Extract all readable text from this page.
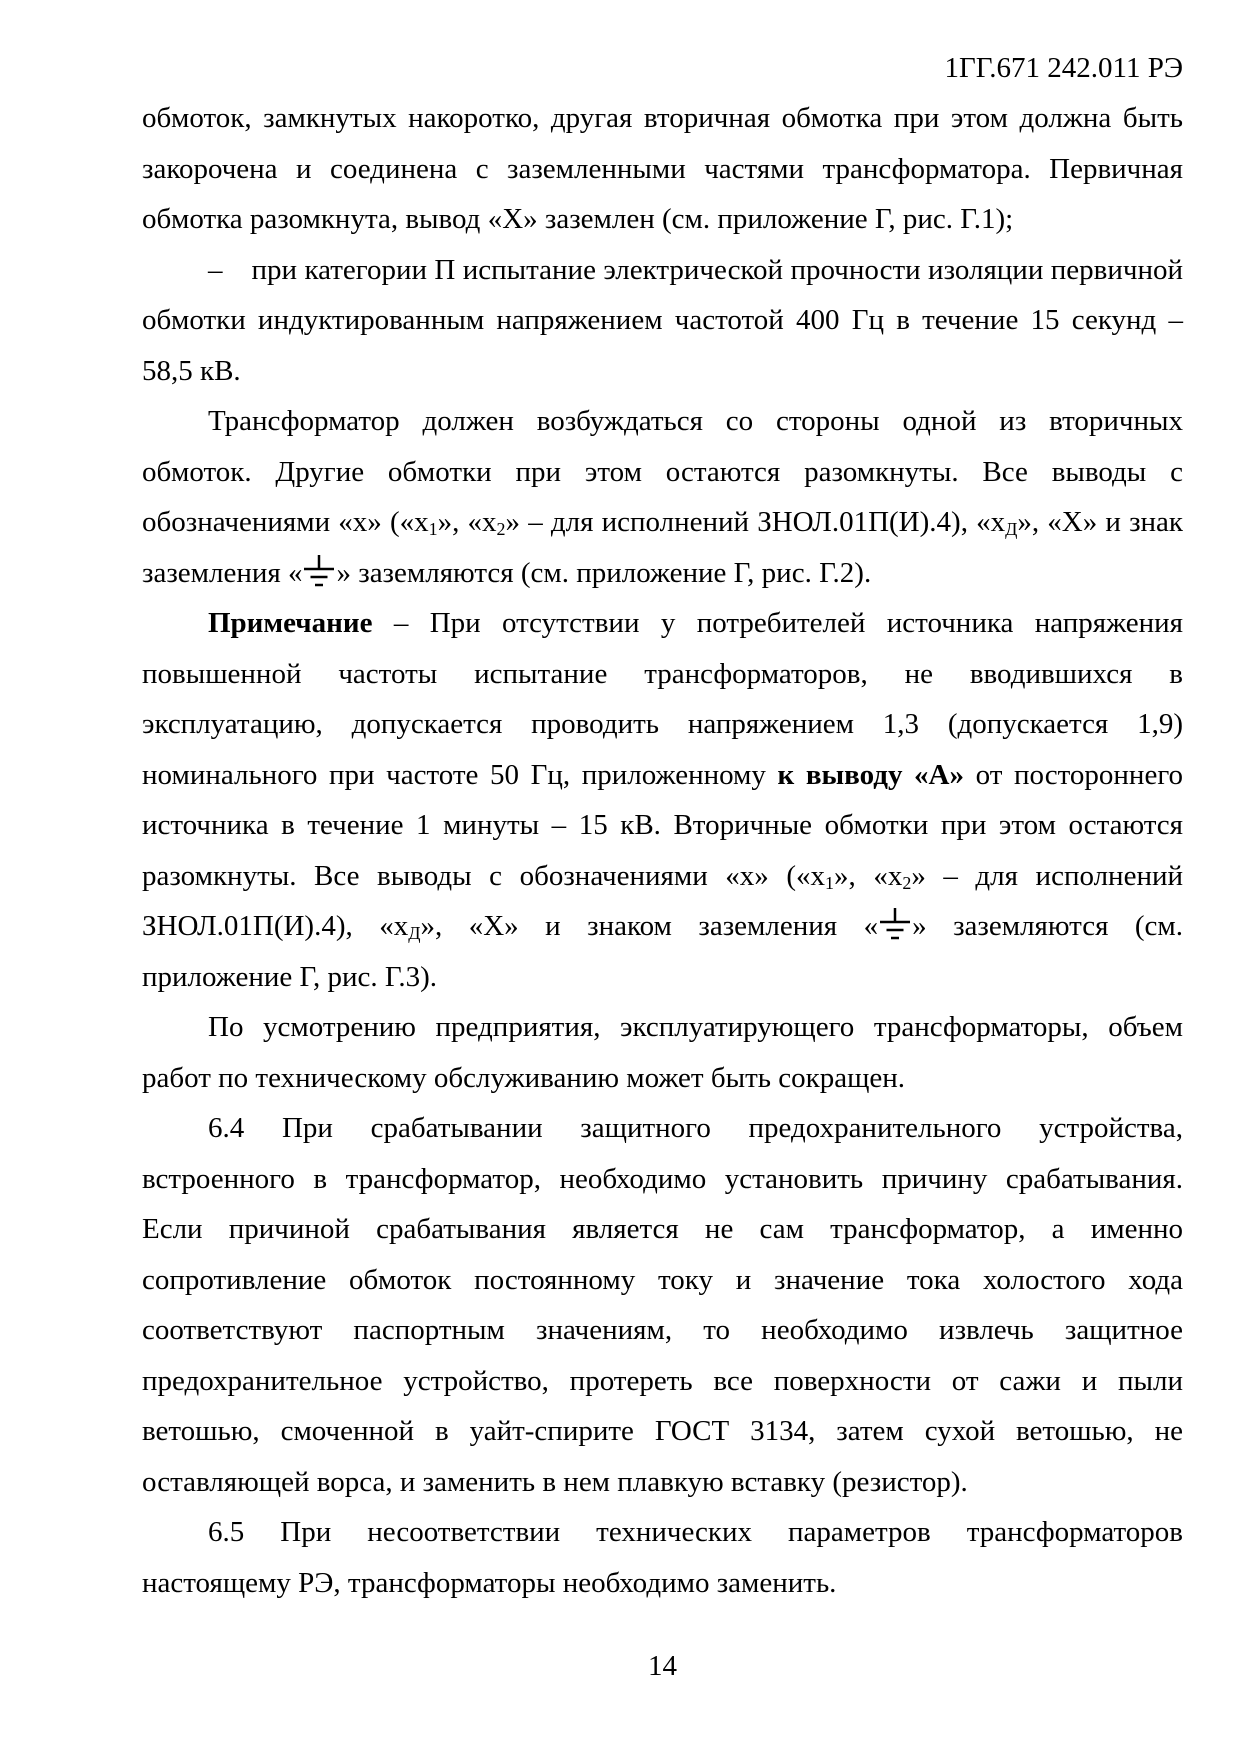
1ГГ.671 242.011 РЭ

обмоток, замкнутых накоротко, другая вторичная обмотка при этом должна быть закорочена и соединена с заземленными частями трансформатора. Первичная обмотка разомкнута, вывод «Х» заземлен (см. приложение Г, рис. Г.1);

– при категории П испытание электрической прочности изоляции первичной обмотки индуктированным напряжением частотой 400 Гц в течение 15 секунд – 58,5 кВ.

Трансформатор должен возбуждаться со стороны одной из вторичных обмоток. Другие обмотки при этом остаются разомкнуты. Все выводы с обозначениями «х» («$х_1$», «$х_2$» – для исполнений ЗНОЛ.01П(И).4), «$х_Д$», «Х» и знак заземления « » заземляются (см. приложение Г, рис. Г.2).

Примечание – При отсутствии у потребителей источника напряжения повышенной частоты испытание трансформаторов, не вводившихся в эксплуатацию, допускается проводить напряжением 1,3 (допускается 1,9) номинального при частоте 50 Гц, приложенному к выводу «А» от постороннего источника в течение 1 минуты – 15 кВ. Вторичные обмотки при этом остаются разомкнуты. Все выводы с обозначениями «х» («$х_1$», «$х_2$» – для исполнений ЗНОЛ.01П(И).4), «$х_Д$», «Х» и знаком заземления « » заземляются (см. приложение Г, рис. Г.3).

По усмотрению предприятия, эксплуатирующего трансформаторы, объем работ по техническому обслуживанию может быть сокращен.

6.4 При срабатывании защитного предохранительного устройства, встроенного в трансформатор, необходимо установить причину срабатывания. Если причиной срабатывания является не сам трансформатор, а именно сопротивление обмоток постоянному току и значение тока холостого хода соответствуют паспортным значениям, то необходимо извлечь защитное предохранительное устройство, протереть все поверхности от сажи и пыли ветошью, смоченной в уайт-спирите ГОСТ 3134, затем сухой ветошью, не оставляющей ворса, и заменить в нем плавкую вставку (резистор).

6.5 При несоответствии технических параметров трансформаторов настоящему РЭ, трансформаторы необходимо заменить.

14
